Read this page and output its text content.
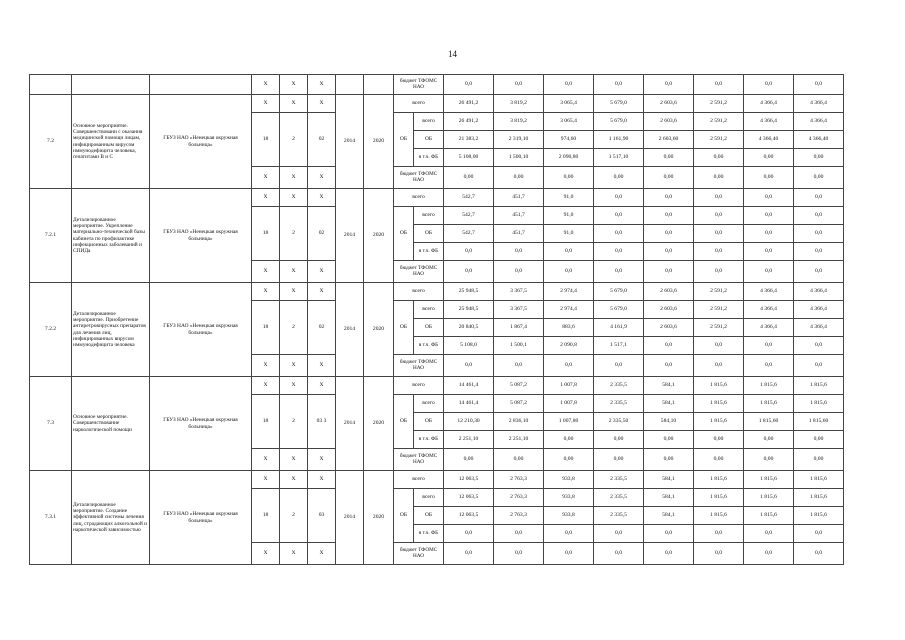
14
			X	X	X			бюджет ТФОМС НАО		0,0	0,0	0,0	0,0	0,0	0,0	0,0	0,0
7.2	Основное мероприятие. Совершенствовани с оказания медицинской помощи лицам, инфицированным вирусом иммунодефицита человека, гепатитами B и C	ГБУЗ НАО «Ненецкая окружная больница»	X	X	X	2014	2020	всего		26 491,2	3 819,2	3 065,4	5 679,0	2 603,6	2 591,2	4 366,4	4 366,4
			18	2	02			ОБ	всего	26 491,2	3 819,2	3 065,4	5 679,0	2 603,6	2 591,2	4 366,4	4 366,4
									ОБ	21 383,2	2 319,10	974,60	1 161,90	2 603,60	2 591,2	4 366,40	4 366,40
									в т.ч. ФБ	5 108,00	1 500,10	2 090,80	1 517,10	0,00	0,00	0,00	0,00
			X	X	X			бюджет ТФОМС НАО		0,00	0,00	0,00	0,00	0,00	0,00	0,00	0,00
7.2.1	Детализированное мероприятие. Укрепление материально-технической базы кабинета по профилактике инфекционных заболеваний и СПИДа	ГБУЗ НАО «Ненецкая окружная больница»	X	X	X	2014	2020	всего		542,7	451,7	91,0	0,0	0,0	0,0	0,0	0,0
			18	2	02			ОБ	всего	542,7	451,7	91,0	0,0	0,0	0,0	0,0	0,0
									ОБ	542,7	451,7	91,0	0,0	0,0	0,0	0,0	0,0
									в т.ч. ФБ	0,0	0,0	0,0	0,0	0,0	0,0	0,0	0,0
			X	X	X			бюджет ТФОМС НАО		0,0	0,0	0,0	0,0	0,0	0,0	0,0	0,0
7.2.2	Детализированное мероприятие. Приобретение антиретровирусных препаратов для лечения лиц, инфицированных вирусом иммунодефицита человека	ГБУЗ НАО «Ненецкая окружная больница»	X	X	X	2014	2020	всего		25 948,5	3 367,5	2 974,4	5 679,0	2 603,6	2 591,2	4 366,4	4 366,4
			18	2	02			ОБ	всего	25 948,5	3 367,5	2 974,4	5 679,0	2 603,6	2 591,2	4 366,4	4 366,4
									ОБ	20 840,5	1 867,4	883,6	4 161,9	2 603,6	2 591,2	4 366,4	4 366,4
									в т.ч. ФБ	5 108,0	1 500,1	2 090,8	1 517,1	0,0	0,0	0,0	0,0
			X	X	X			бюджет ТФОМС НАО		0,0	0,0	0,0	0,0	0,0	0,0	0,0	0,0
7.3	Основное мероприятие. Совершенствование наркологической помощи	ГБУЗ НАО «Ненецкая окружная больница»	X	X	X	2014	2020	всего		14 461,4	5 087,2	1 007,8	2 335,5	584,1	1 815,6	1 815,6	1 815,6
			18	2	03 3			ОБ	всего	14 461,4	5 087,2	1 007,8	2 335,5	584,1	1 815,6	1 815,6	1 815,6
									ОБ	12 210,30	2 836,10	1 007,80	2 335,50	584,10	1 815,6	1 815,60	1 815,60
									в т.ч. ФБ	2 251,10	2 251,10	0,00	0,00	0,00	0,00	0,00	0,00
			X	X	X			бюджет ТФОМС НАО		0,00	0,00	0,00	0,00	0,00	0,00	0,00	0,00
7.3.1	Детализированное мероприятие. Создание эффективной системы лечения лиц, страдающих алкогольной и наркотической зависимостью	ГБУЗ НАО «Ненецкая окружная больница»	X	X	X	2014	2020	всего		12 063,5	2 763,3	933,8	2 335,5	584,1	1 815,6	1 815,6	1 815,6
			18	2	03			ОБ	всего	12 063,5	2 763,3	933,8	2 335,5	584,1	1 815,6	1 815,6	1 815,6
									ОБ	12 063,5	2 763,3	933,8	2 335,5	584,1	1 815,6	1 815,6	1 815,6
									в т.ч. ФБ	0,0	0,0	0,0	0,0	0,0	0,0	0,0	0,0
			X	X	X			бюджет ТФОМС НАО		0,0	0,0	0,0	0,0	0,0	0,0	0,0	0,0
